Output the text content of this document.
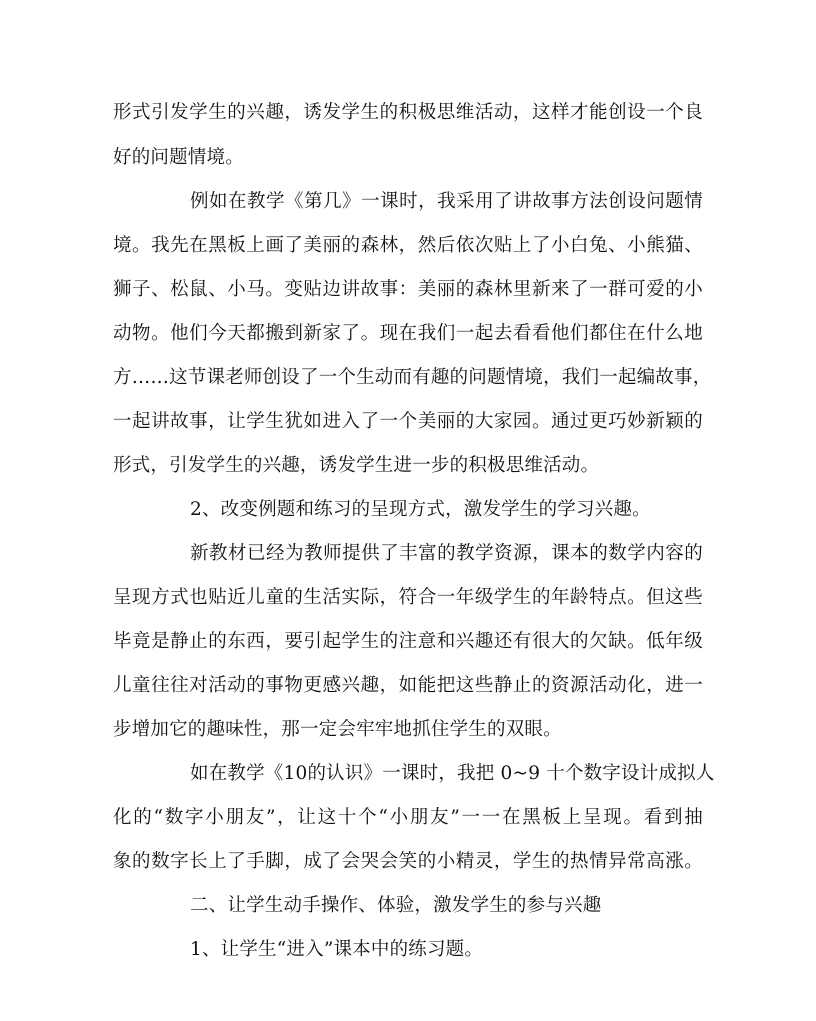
形式引发学生的兴趣，诱发学生的积极思维活动，这样才能创设一个良
好的问题情境。
例如在教学《第几》一课时，我采用了讲故事方法创设问题情
境。我先在黑板上画了美丽的森林，然后依次贴上了小白兔、小熊猫、
狮子、松鼠、小马。变贴边讲故事：美丽的森林里新来了一群可爱的小
动物。他们今天都搬到新家了。现在我们一起去看看他们都住在什么地
方……这节课老师创设了一个生动而有趣的问题情境，我们一起编故事，
一起讲故事，让学生犹如进入了一个美丽的大家园。通过更巧妙新颖的
形式，引发学生的兴趣，诱发学生进一步的积极思维活动。
2、改变例题和练习的呈现方式，激发学生的学习兴趣。
新教材已经为教师提供了丰富的教学资源，课本的数学内容的
呈现方式也贴近儿童的生活实际，符合一年级学生的年龄特点。但这些
毕竟是静止的东西，要引起学生的注意和兴趣还有很大的欠缺。低年级
儿童往往对活动的事物更感兴趣，如能把这些静止的资源活动化，进一
步增加它的趣味性，那一定会牢牢地抓住学生的双眼。
如在教学《10的认识》一课时，我把 0~9 十个数字设计成拟人
化的“数字小朋友”，让这十个“小朋友”一一在黑板上呈现。看到抽
象的数字长上了手脚，成了会哭会笑的小精灵，学生的热情异常高涨。
二、让学生动手操作、体验，激发学生的参与兴趣
1、让学生“进入”课本中的练习题。
